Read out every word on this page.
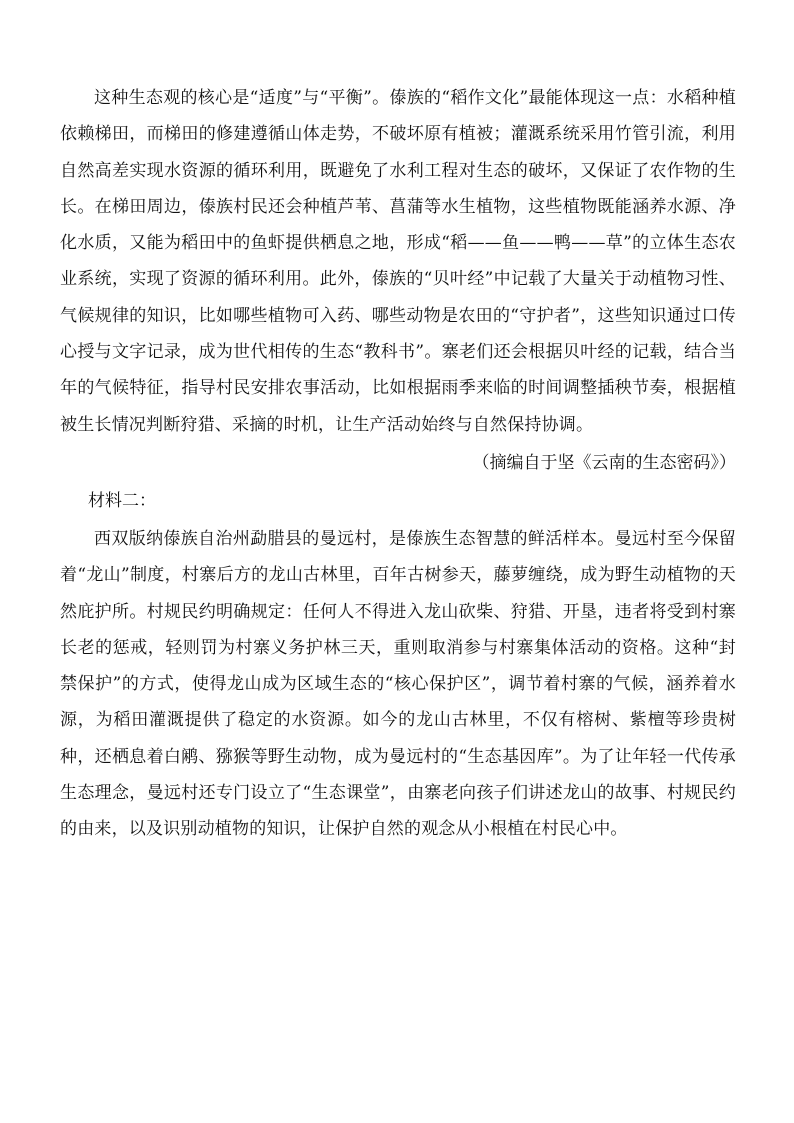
这种生态观的核心是“适度”与“平衡”。傣族的“稻作文化”最能体现这一点：水稻种植依赖梯田，而梯田的修建遵循山体走势，不破坏原有植被；灌溉系统采用竹管引流，利用自然高差实现水资源的循环利用，既避免了水利工程对生态的破坏，又保证了农作物的生长。在梯田周边，傣族村民还会种植芦苇、菖蒲等水生植物，这些植物既能涵养水源、净化水质，又能为稻田中的鱼虾提供栖息之地，形成“稻——鱼——鸭——草”的立体生态农业系统，实现了资源的循环利用。此外，傣族的“贝叶经”中记载了大量关于动植物习性、气候规律的知识，比如哪些植物可入药、哪些动物是农田的“守护者”，这些知识通过口传心授与文字记录，成为世代相传的生态“教科书”。寨老们还会根据贝叶经的记载，结合当年的气候特征，指导村民安排农事活动，比如根据雨季来临的时间调整插秧节奏，根据植被生长情况判断狩猎、采摘的时机，让生产活动始终与自然保持协调。

（摘编自于坚《云南的生态密码》）

材料二：

西双版纳傣族自治州勐腊县的曼远村，是傣族生态智慧的鲜活样本。曼远村至今保留着“龙山”制度，村寨后方的龙山古林里，百年古树参天，藤萝缠绕，成为野生动植物的天然庇护所。村规民约明确规定：任何人不得进入龙山砍柴、狩猎、开垦，违者将受到村寨长老的惩戒，轻则罚为村寨义务护林三天，重则取消参与村寨集体活动的资格。这种“封禁保护”的方式，使得龙山成为区域生态的“核心保护区”，调节着村寨的气候，涵养着水源，为稻田灌溉提供了稳定的水资源。如今的龙山古林里，不仅有榕树、紫檀等珍贵树种，还栖息着白鹇、猕猴等野生动物，成为曼远村的“生态基因库”。为了让年轻一代传承生态理念，曼远村还专门设立了“生态课堂”，由寨老向孩子们讲述龙山的故事、村规民约的由来，以及识别动植物的知识，让保护自然的观念从小根植在村民心中。
